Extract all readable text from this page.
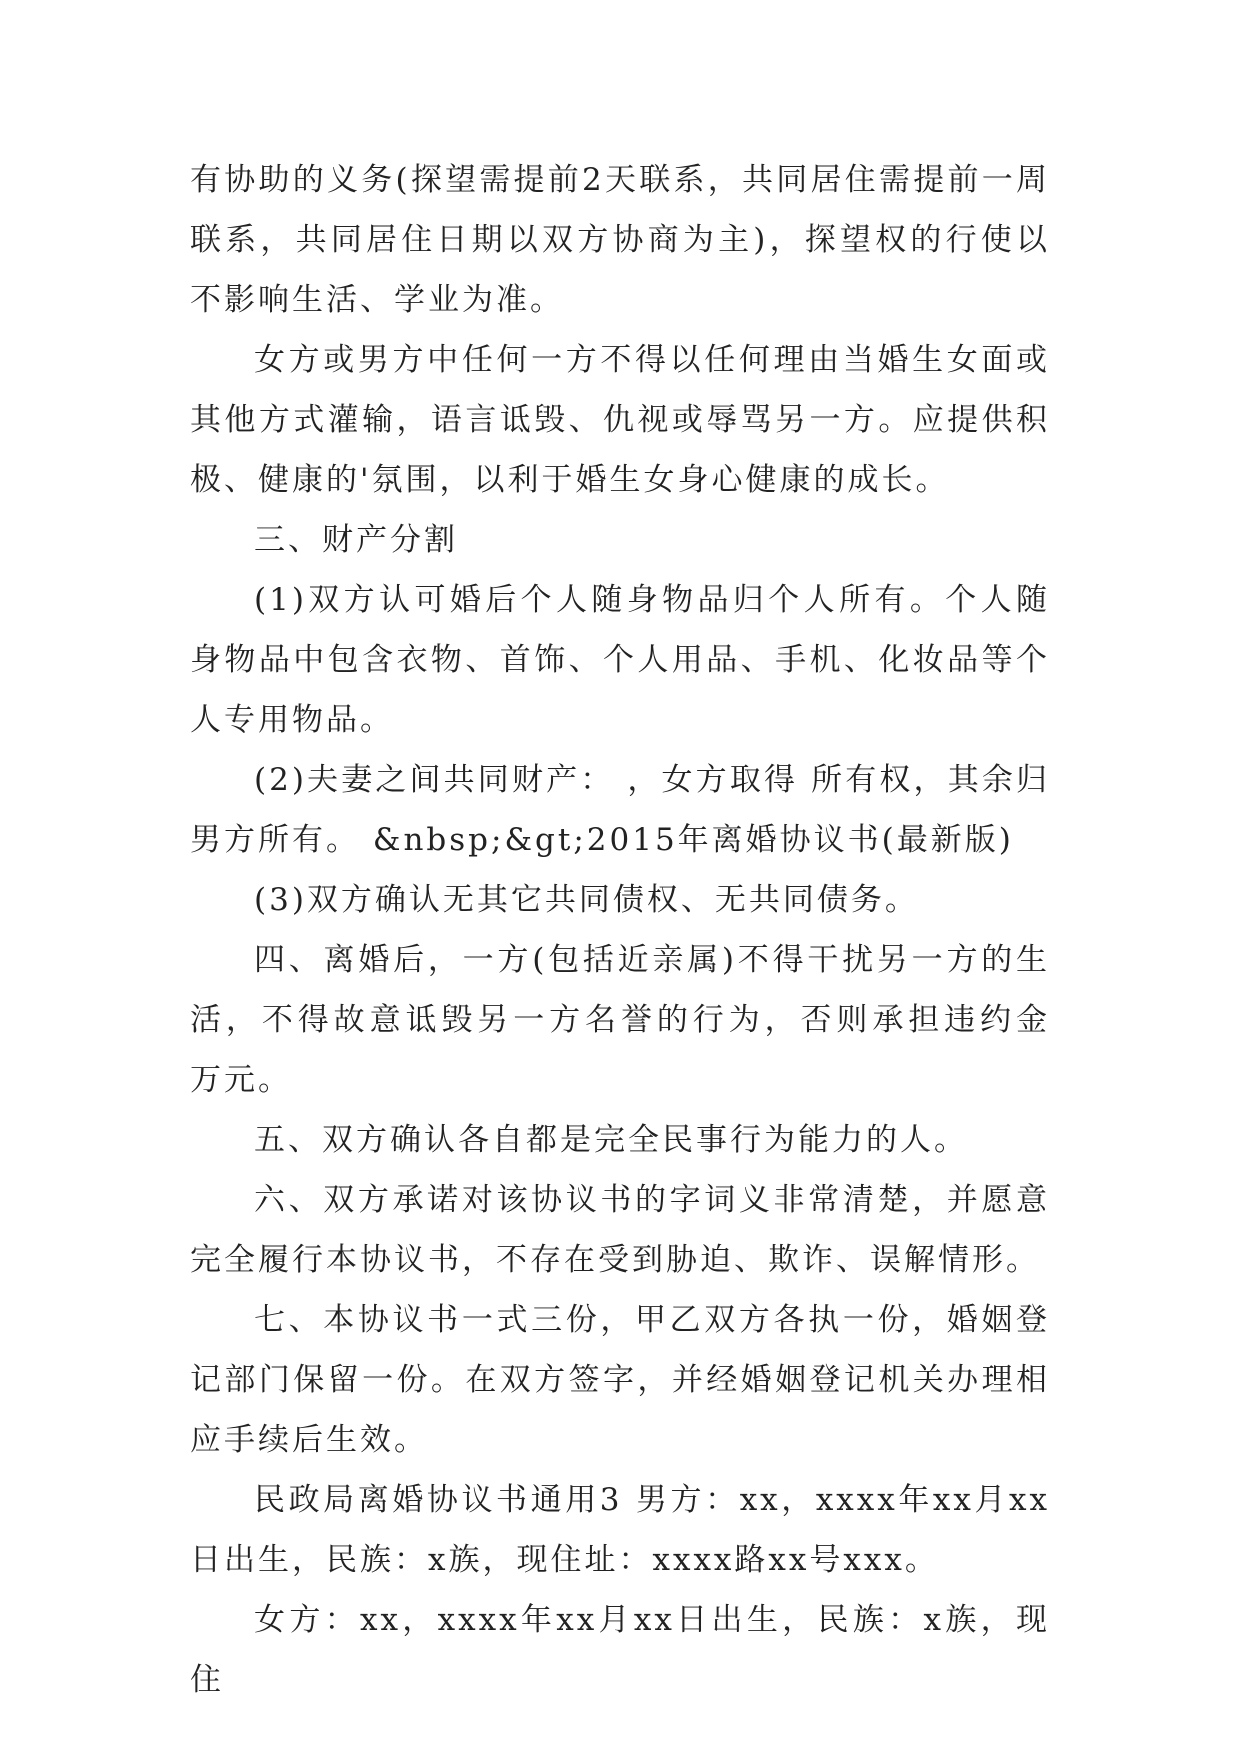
有协助的义务(探望需提前2天联系，共同居住需提前一周联系，共同居住日期以双方协商为主)，探望权的行使以不影响生活、学业为准。

女方或男方中任何一方不得以任何理由当婚生女面或其他方式灌输，语言诋毁、仇视或辱骂另一方。应提供积极、健康的'氛围，以利于婚生女身心健康的成长。

三、财产分割

(1)双方认可婚后个人随身物品归个人所有。个人随身物品中包含衣物、首饰、个人用品、手机、化妆品等个人专用物品。

(2)夫妻之间共同财产： ，女方取得 所有权，其余归男方所有。 &nbsp;&gt;2015年离婚协议书(最新版)

(3)双方确认无其它共同债权、无共同债务。

四、离婚后，一方(包括近亲属)不得干扰另一方的生活，不得故意诋毁另一方名誉的行为，否则承担违约金 万元。

五、双方确认各自都是完全民事行为能力的人。

六、双方承诺对该协议书的字词义非常清楚，并愿意完全履行本协议书，不存在受到胁迫、欺诈、误解情形。

七、本协议书一式三份，甲乙双方各执一份，婚姻登记部门保留一份。在双方签字，并经婚姻登记机关办理相应手续后生效。

民政局离婚协议书通用3 男方：xx，xxxx年xx月xx日出生，民族：x族，现住址：xxxx路xx号xxx。

女方：xx，xxxx年xx月xx日出生，民族：x族，现住
